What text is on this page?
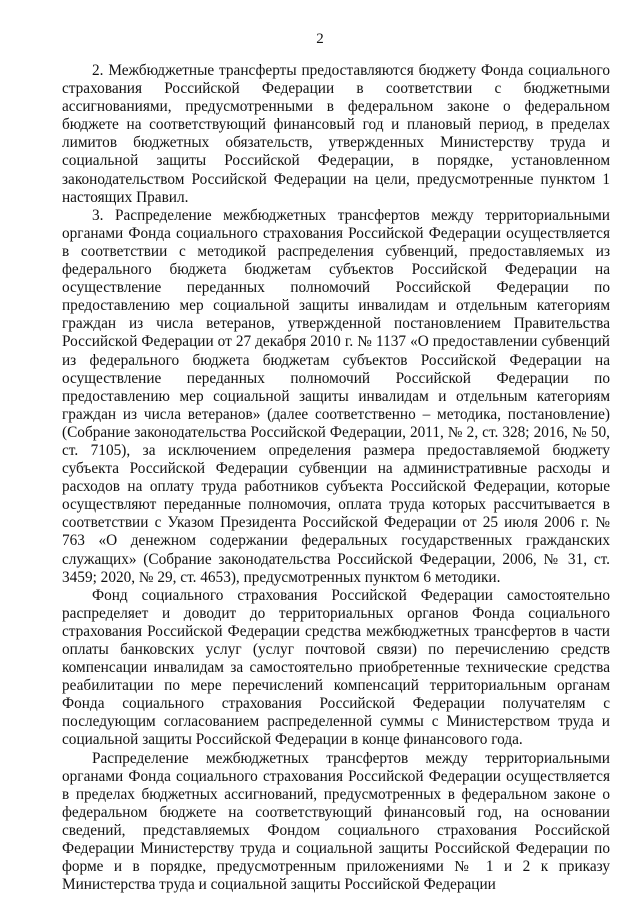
2

2. Межбюджетные трансферты предоставляются бюджету Фонда социального страхования Российской Федерации в соответствии с бюджетными ассигнованиями, предусмотренными в федеральном законе о федеральном бюджете на соответствующий финансовый год и плановый период, в пределах лимитов бюджетных обязательств, утвержденных Министерству труда и социальной защиты Российской Федерации, в порядке, установленном законодательством Российской Федерации на цели, предусмотренные пунктом 1 настоящих Правил.

3. Распределение межбюджетных трансфертов между территориальными органами Фонда социального страхования Российской Федерации осуществляется в соответствии с методикой распределения субвенций, предоставляемых из федерального бюджета бюджетам субъектов Российской Федерации на осуществление переданных полномочий Российской Федерации по предоставлению мер социальной защиты инвалидам и отдельным категориям граждан из числа ветеранов, утвержденной постановлением Правительства Российской Федерации от 27 декабря 2010 г. № 1137 «О предоставлении субвенций из федерального бюджета бюджетам субъектов Российской Федерации на осуществление переданных полномочий Российской Федерации по предоставлению мер социальной защиты инвалидам и отдельным категориям граждан из числа ветеранов» (далее соответственно – методика, постановление) (Собрание законодательства Российской Федерации, 2011, № 2, ст. 328; 2016, № 50, ст. 7105), за исключением определения размера предоставляемой бюджету субъекта Российской Федерации субвенции на административные расходы и расходов на оплату труда работников субъекта Российской Федерации, которые осуществляют переданные полномочия, оплата труда которых рассчитывается в соответствии с Указом Президента Российской Федерации от 25 июля 2006 г. № 763 «О денежном содержании федеральных государственных гражданских служащих» (Собрание законодательства Российской Федерации, 2006, № 31, ст. 3459; 2020, № 29, ст. 4653), предусмотренных пунктом 6 методики.

Фонд социального страхования Российской Федерации самостоятельно распределяет и доводит до территориальных органов Фонда социального страхования Российской Федерации средства межбюджетных трансфертов в части оплаты банковских услуг (услуг почтовой связи) по перечислению средств компенсации инвалидам за самостоятельно приобретенные технические средства реабилитации по мере перечислений компенсаций территориальным органам Фонда социального страхования Российской Федерации получателям с последующим согласованием распределенной суммы с Министерством труда и социальной защиты Российской Федерации в конце финансового года.

Распределение межбюджетных трансфертов между территориальными органами Фонда социального страхования Российской Федерации осуществляется в пределах бюджетных ассигнований, предусмотренных в федеральном законе о федеральном бюджете на соответствующий финансовый год, на основании сведений, представляемых Фондом социального страхования Российской Федерации Министерству труда и социальной защиты Российской Федерации по форме и в порядке, предусмотренным приложениями № 1 и 2 к приказу Министерства труда и социальной защиты Российской Федерации
